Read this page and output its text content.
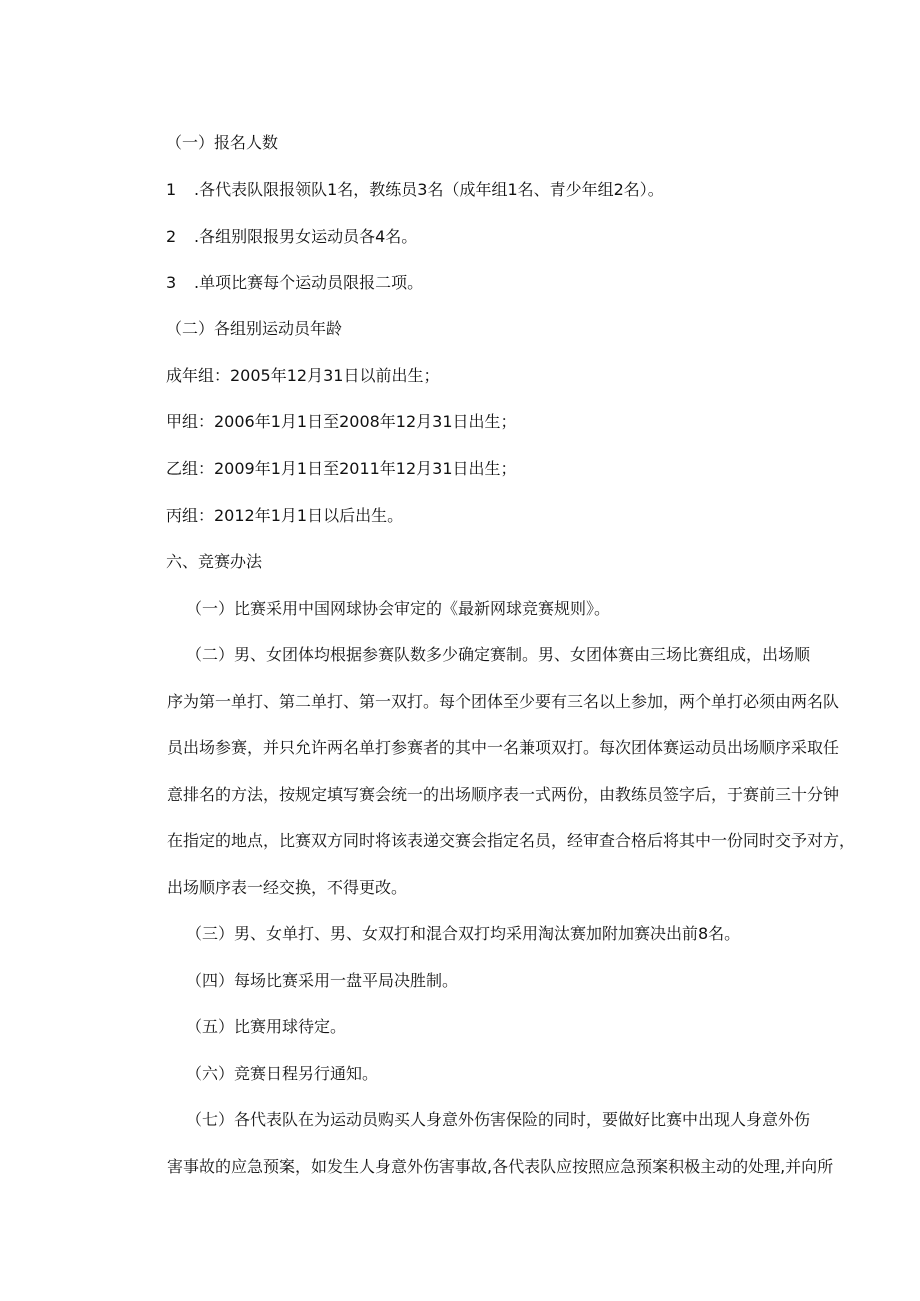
（一）报名人数
1 .各代表队限报领队1名，教练员3名（成年组1名、青少年组2名）。
2 .各组别限报男女运动员各4名。
3 .单项比赛每个运动员限报二项。
（二）各组别运动员年龄
成年组：2005年12月31日以前出生；
甲组：2006年1月1日至2008年12月31日出生；
乙组：2009年1月1日至2011年12月31日出生；
丙组：2012年1月1日以后出生。
六、竞赛办法
（一）比赛采用中国网球协会审定的《最新网球竞赛规则》。
（二）男、女团体均根据参赛队数多少确定赛制。男、女团体赛由三场比赛组成，出场顺
序为第一单打、第二单打、第一双打。每个团体至少要有三名以上参加，两个单打必须由两名队
员出场参赛，并只允许两名单打参赛者的其中一名兼项双打。每次团体赛运动员出场顺序采取任
意排名的方法，按规定填写赛会统一的出场顺序表一式两份，由教练员签字后，于赛前三十分钟
在指定的地点，比赛双方同时将该表递交赛会指定名员，经审查合格后将其中一份同时交予对方，
出场顺序表一经交换，不得更改。
（三）男、女单打、男、女双打和混合双打均采用淘汰赛加附加赛决出前8名。
（四）每场比赛采用一盘平局决胜制。
（五）比赛用球待定。
（六）竞赛日程另行通知。
（七）各代表队在为运动员购买人身意外伤害保险的同时，要做好比赛中出现人身意外伤
害事故的应急预案，如发生人身意外伤害事故,各代表队应按照应急预案积极主动的处理,并向所
